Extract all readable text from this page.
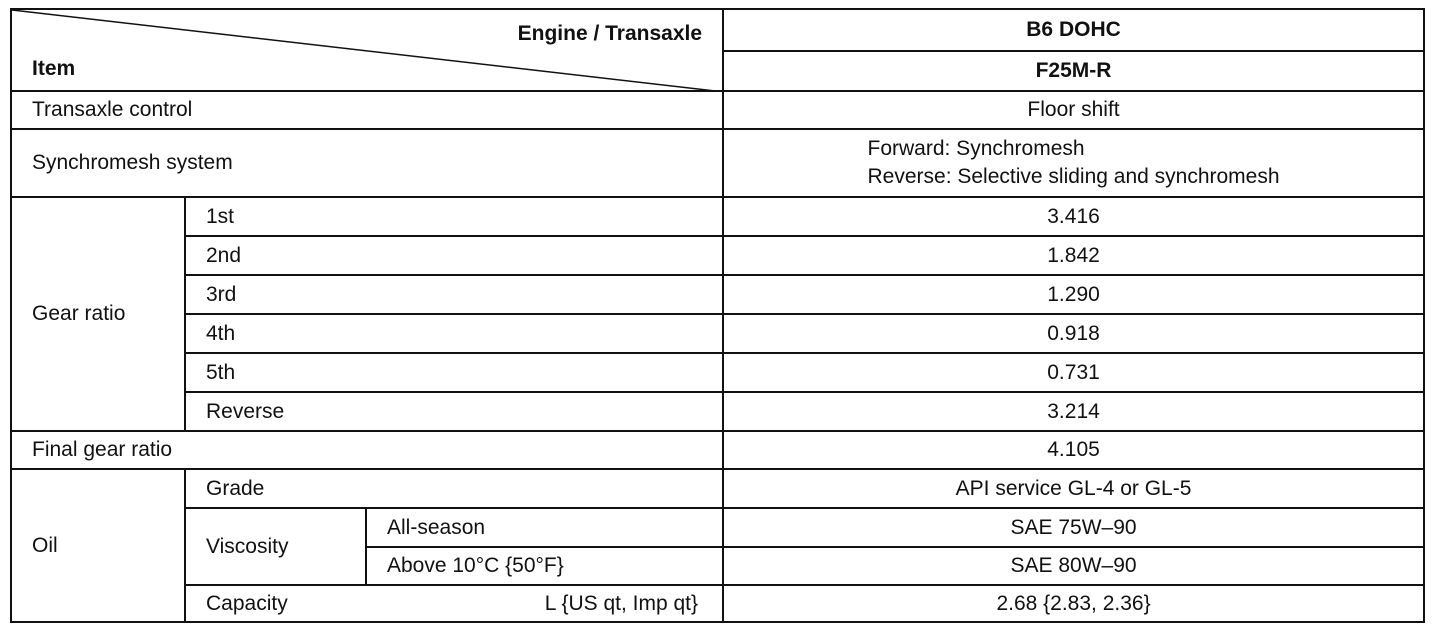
Engine / Transaxle
Item			B6 DOHC
			F25M-R
Transaxle control			Floor shift
Synchromesh system			Forward: Synchromesh
Reverse: Selective sliding and synchromesh
Gear ratio	1st		3.416
	2nd		1.842
	3rd		1.290
	4th		0.918
	5th		0.731
	Reverse		3.214
Final gear ratio			4.105
Oil	Grade		API service GL-4 or GL-5
	Viscosity	All-season	SAE 75W–90
		Above 10°C {50°F}	SAE 80W–90
	Capacity L {US qt, Imp qt}		2.68 {2.83, 2.36}
